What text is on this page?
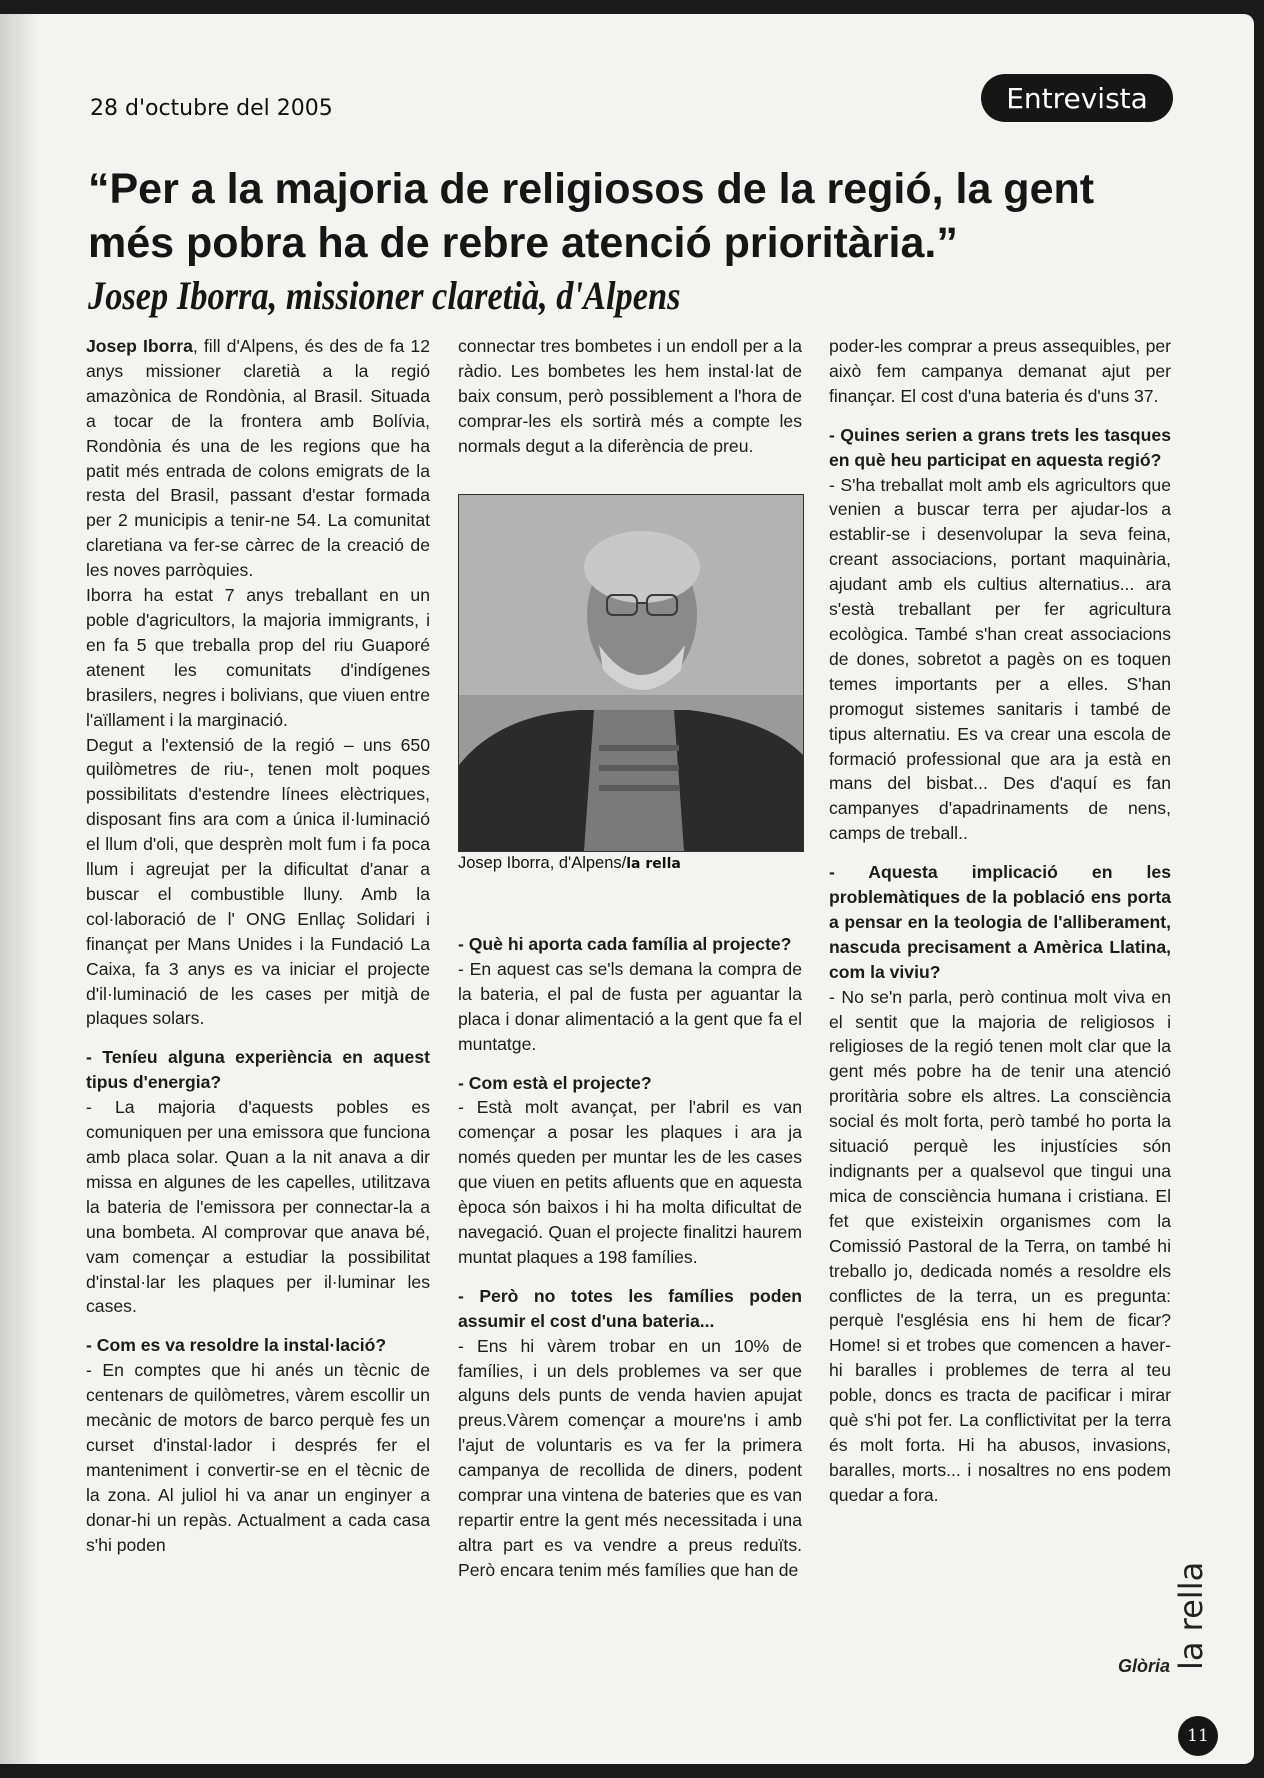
28 d'octubre del 2005	Entrevista
“Per a la majoria de religiosos de la regió, la gent més pobra ha de rebre atenció prioritària.”
Josep Iborra, missioner claretià, d'Alpens

Josep Iborra, fill d'Alpens, és des de fa 12 anys missioner claretià a la regió amazònica de Rondònia, al Brasil. Situada a tocar de la frontera amb Bolívia, Rondònia és una de les regions que ha patit més entrada de colons emigrats de la resta del Brasil, passant d'estar formada per 2 municipis a tenir-ne 54. La comunitat claretiana va fer-se càrrec de la creació de les noves parròquies.

Iborra ha estat 7 anys treballant en un poble d'agricultors, la majoria immigrants, i en fa 5 que treballa prop del riu Guaporé atenent les comunitats d'indígenes brasilers, negres i bolivians, que viuen entre l'aïllament i la marginació.

Degut a l'extensió de la regió – uns 650 quilòmetres de riu-, tenen molt poques possibilitats d'estendre línees elèctriques, disposant fins ara com a única il·luminació el llum d'oli, que desprèn molt fum i fa poca llum i agreujat per la dificultat d'anar a buscar el combustible lluny. Amb la col·laboració de l' ONG Enllaç Solidari i finançat per Mans Unides i la Fundació La Caixa, fa 3 anys es va iniciar el projecte d'il·luminació de les cases per mitjà de plaques solars.

- Teníeu alguna experiència en aquest tipus d'energia?

- La majoria d'aquests pobles es comuniquen per una emissora que funciona amb placa solar. Quan a la nit anava a dir missa en algunes de les capelles, utilitzava la bateria de l'emissora per connectar-la a una bombeta. Al comprovar que anava bé, vam començar a estudiar la possibilitat d'instal·lar les plaques per il·luminar les cases.

- Com es va resoldre la instal·lació?

- En comptes que hi anés un tècnic de centenars de quilòmetres, vàrem escollir un mecànic de motors de barco perquè fes un curset d'instal·lador i després fer el manteniment i convertir-se en el tècnic de la zona. Al juliol hi va anar un enginyer a donar-hi un repàs. Actualment a cada casa s'hi poden

connectar tres bombetes i un endoll per a la ràdio. Les bombetes les hem instal·lat de baix consum, però possiblement a l'hora de comprar-les els sortirà més a compte les normals degut a la diferència de preu.

Josep Iborra, d'Alpens/la rella

- Què hi aporta cada família al projecte?

- En aquest cas se'ls demana la compra de la bateria, el pal de fusta per aguantar la placa i donar alimentació a la gent que fa el muntatge.

- Com està el projecte?

- Està molt avançat, per l'abril es van començar a posar les plaques i ara ja només queden per muntar les de les cases que viuen en petits afluents que en aquesta època són baixos i hi ha molta dificultat de navegació. Quan el projecte finalitzi haurem muntat plaques a 198 famílies.

- Però no totes les famílies poden assumir el cost d'una bateria...

- Ens hi vàrem trobar en un 10% de famílies, i un dels problemes va ser que alguns dels punts de venda havien apujat preus.Vàrem començar a moure'ns i amb l'ajut de voluntaris es va fer la primera campanya de recollida de diners, podent comprar una vintena de bateries que es van repartir entre la gent més necessitada i una altra part es va vendre a preus reduïts. Però encara tenim més famílies que han de

poder-les comprar a preus assequibles, per això fem campanya demanat ajut per finançar. El cost d'una bateria és d'uns 37.

- Quines serien a grans trets les tasques en què heu participat en aquesta regió?

- S'ha treballat molt amb els agricultors que venien a buscar terra per ajudar-los a establir-se i desenvolupar la seva feina, creant associacions, portant maquinària, ajudant amb els cultius alternatius... ara s'està treballant per fer agricultura ecològica. També s'han creat associacions de dones, sobretot a pagès on es toquen temes importants per a elles. S'han promogut sistemes sanitaris i també de tipus alternatiu. Es va crear una escola de formació professional que ara ja està en mans del bisbat... Des d'aquí es fan campanyes d'apadrinaments de nens, camps de treball..

- Aquesta implicació en les problemàtiques de la població ens porta a pensar en la teologia de l'alliberament, nascuda precisament a Amèrica Llatina, com la viviu?

- No se'n parla, però continua molt viva en el sentit que la majoria de religiosos i religioses de la regió tenen molt clar que la gent més pobre ha de tenir una atenció proritària sobre els altres. La consciència social és molt forta, però també ho porta la situació perquè les injustícies són indignants per a qualsevol que tingui una mica de consciència humana i cristiana. El fet que existeixin organismes com la Comissió Pastoral de la Terra, on també hi treballo jo, dedicada només a resoldre els conflictes de la terra, un es pregunta: perquè l'església ens hi hem de ficar? Home! si et trobes que comencen a haver-hi baralles i problemes de terra al teu poble, doncs es tracta de pacificar i mirar què s'hi pot fer. La conflictivitat per la terra és molt forta. Hi ha abusos, invasions, baralles, morts... i nosaltres no ens podem quedar a fora.

Glòria la rella
11
